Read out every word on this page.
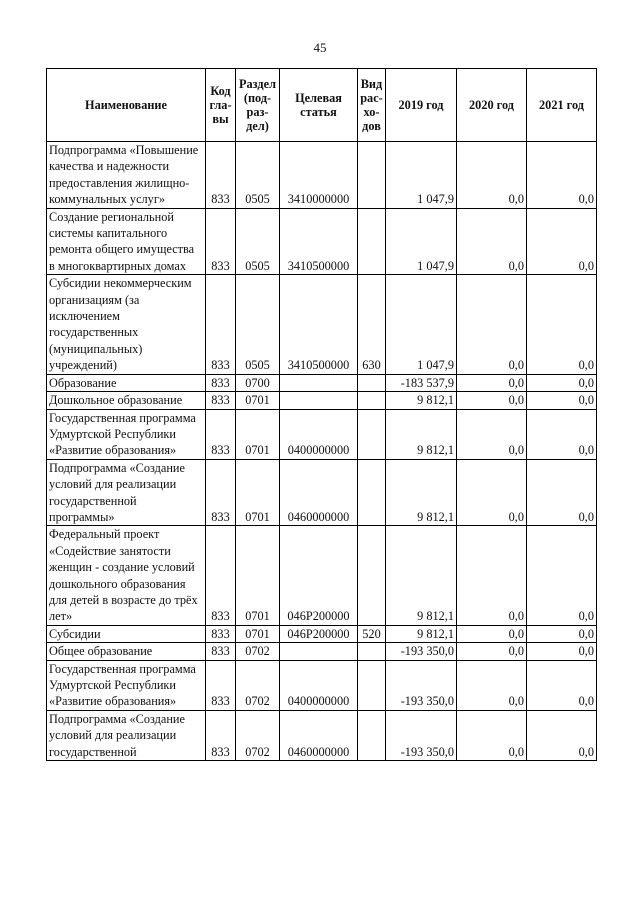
45
Наименование	Код гла- вы	Раздел (под- раз- дел)	Целевая статья	Вид рас- хо- дов	2019 год	2020 год	2021 год
Подпрограмма «Повышение качества и надежности предоставления жилищно-коммунальных услуг»	833	0505	3410000000		1 047,9	0,0	0,0
Создание региональной системы капитального ремонта общего имущества в многоквартирных домах	833	0505	3410500000		1 047,9	0,0	0,0
Субсидии некоммерческим организациям (за исключением государственных (муниципальных) учреждений)	833	0505	3410500000	630	1 047,9	0,0	0,0
Образование	833	0700			-183 537,9	0,0	0,0
Дошкольное образование	833	0701			9 812,1	0,0	0,0
Государственная программа Удмуртской Республики «Развитие образования»	833	0701	0400000000		9 812,1	0,0	0,0
Подпрограмма «Создание условий для реализации государственной программы»	833	0701	0460000000		9 812,1	0,0	0,0
Федеральный проект «Содействие занятости женщин - создание условий дошкольного образования для детей в возрасте до трёх лет»	833	0701	046Р200000		9 812,1	0,0	0,0
Субсидии	833	0701	046Р200000	520	9 812,1	0,0	0,0
Общее образование	833	0702			-193 350,0	0,0	0,0
Государственная программа Удмуртской Республики «Развитие образования»	833	0702	0400000000		-193 350,0	0,0	0,0
Подпрограмма «Создание условий для реализации государственной	833	0702	0460000000		-193 350,0	0,0	0,0
